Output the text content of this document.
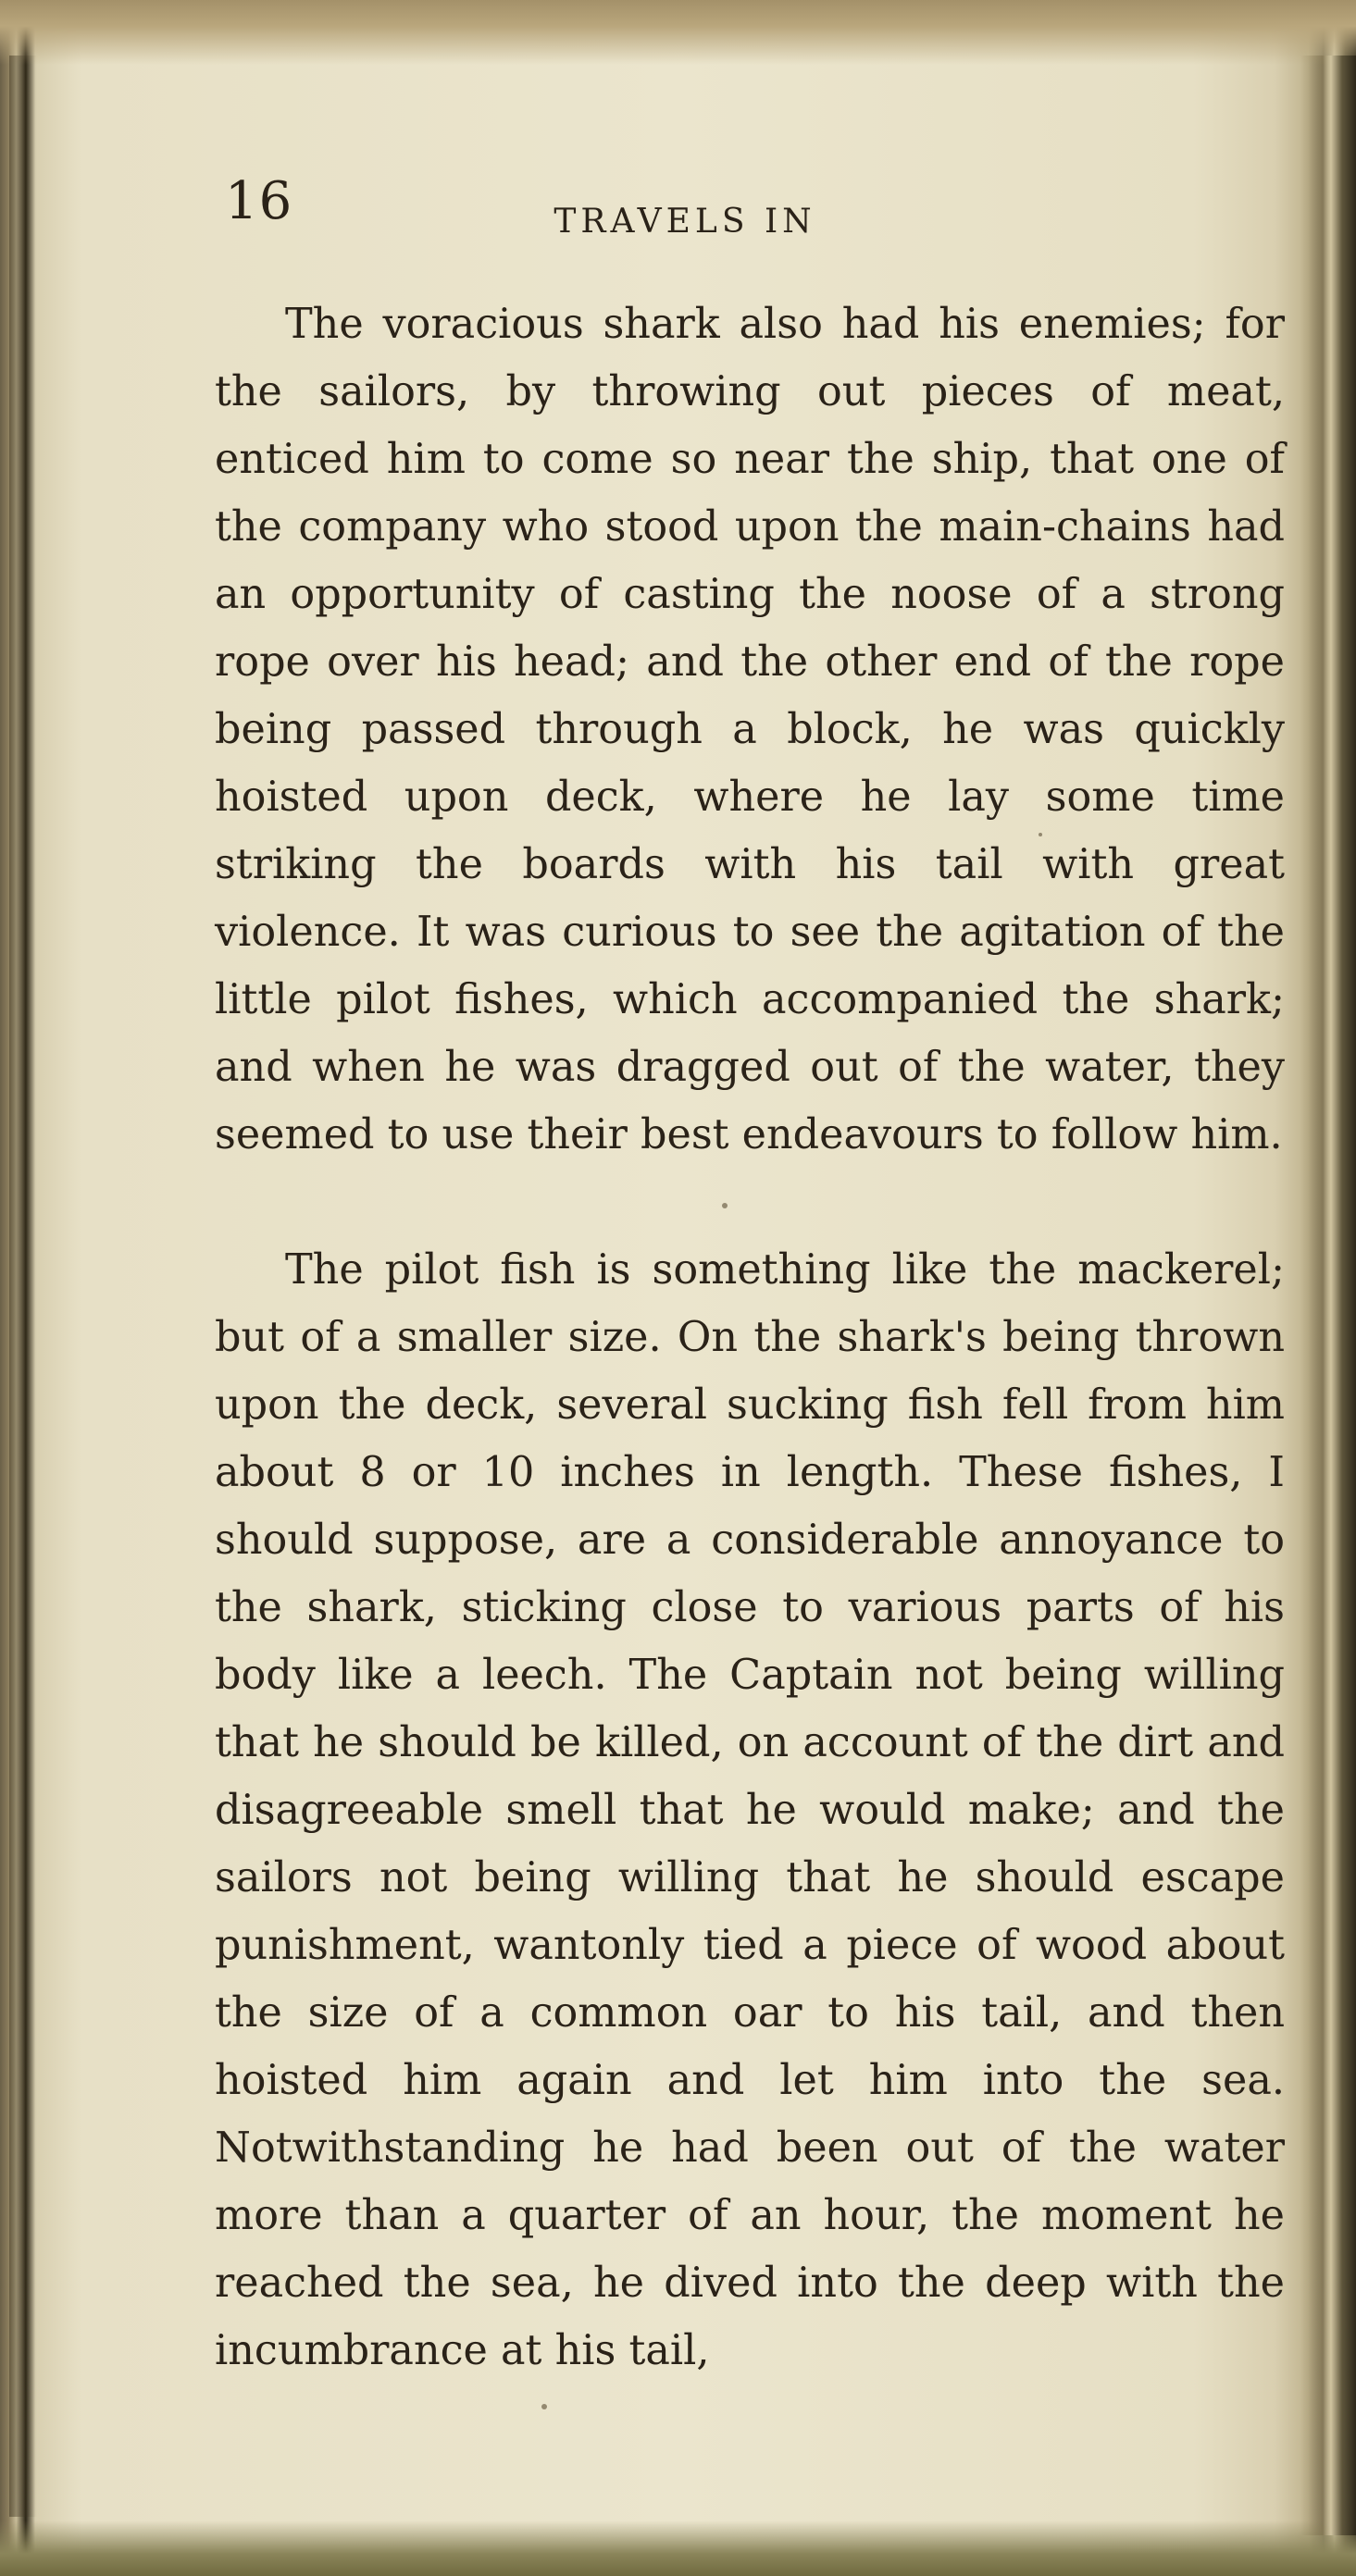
16	TRAVELS IN

The voracious shark also had his enemies; for the sailors, by throwing out pieces of meat, enticed him to come so near the ship, that one of the company who stood upon the main-chains had an opportunity of casting the noose of a strong rope over his head; and the other end of the rope being passed through a block, he was quickly hoisted upon deck, where he lay some time striking the boards with his tail with great violence. It was curious to see the agitation of the little pilot fishes, which accompanied the shark; and when he was dragged out of the water, they seemed to use their best endeavours to follow him.

The pilot fish is something like the mackerel; but of a smaller size. On the shark's being thrown upon the deck, several sucking fish fell from him about 8 or 10 inches in length. These fishes, I should suppose, are a considerable annoyance to the shark, sticking close to various parts of his body like a leech. The Captain not being willing that he should be killed, on account of the dirt and disagreeable smell that he would make; and the sailors not being willing that he should escape punishment, wantonly tied a piece of wood about the size of a common oar to his tail, and then hoisted him again and let him into the sea. Notwithstanding he had been out of the water more than a quarter of an hour, the moment he reached the sea, he dived into the deep with the incumbrance at his tail,
